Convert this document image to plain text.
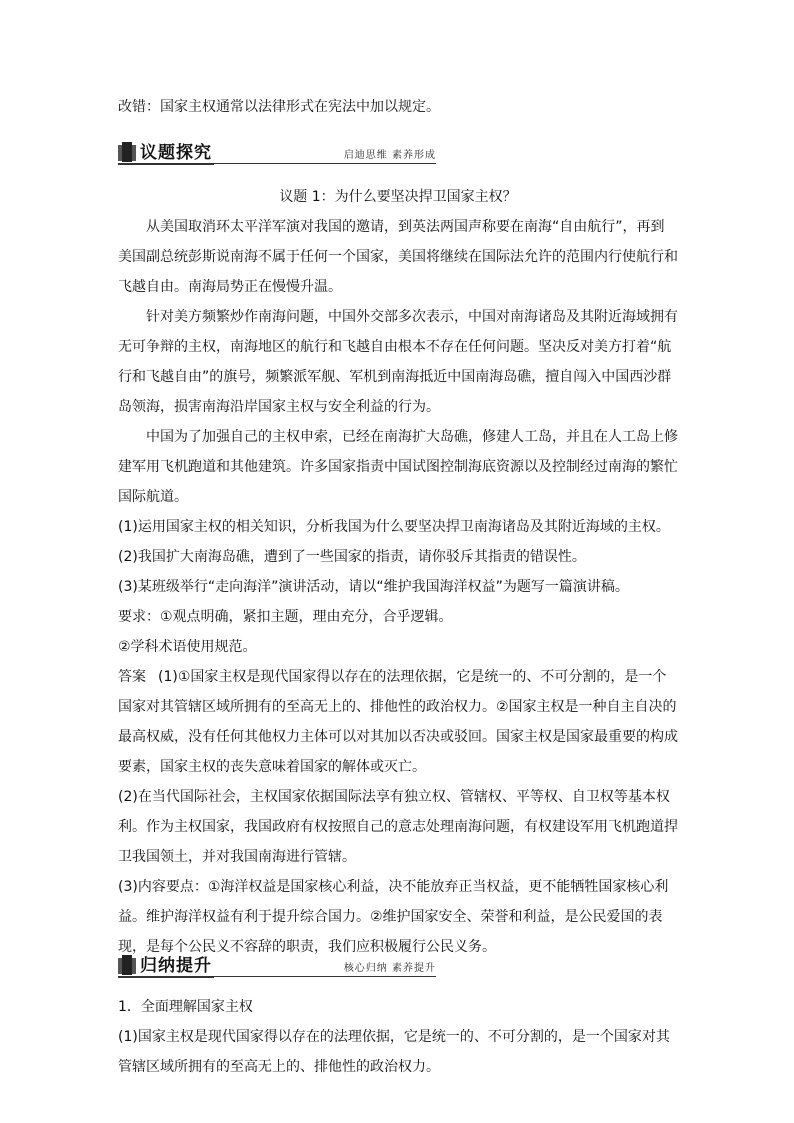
改错：国家主权通常以法律形式在宪法中加以规定。

议题探究	启迪思维 素养形成
议题 1：为什么要坚决捍卫国家主权？

从美国取消环太平洋军演对我国的邀请，到英法两国声称要在南海“自由航行”，再到美国副总统彭斯说南海不属于任何一个国家，美国将继续在国际法允许的范围内行使航行和飞越自由。南海局势正在慢慢升温。

针对美方频繁炒作南海问题，中国外交部多次表示，中国对南海诸岛及其附近海域拥有无可争辩的主权，南海地区的航行和飞越自由根本不存在任何问题。坚决反对美方打着“航行和飞越自由”的旗号，频繁派军舰、军机到南海抵近中国南海岛礁，擅自闯入中国西沙群岛领海，损害南海沿岸国家主权与安全利益的行为。

中国为了加强自己的主权申索，已经在南海扩大岛礁，修建人工岛，并且在人工岛上修建军用飞机跑道和其他建筑。许多国家指责中国试图控制海底资源以及控制经过南海的繁忙国际航道。

(1)运用国家主权的相关知识，分析我国为什么要坚决捍卫南海诸岛及其附近海域的主权。

(2)我国扩大南海岛礁，遭到了一些国家的指责，请你驳斥其指责的错误性。

(3)某班级举行“走向海洋”演讲活动，请以“维护我国海洋权益”为题写一篇演讲稿。

要求：①观点明确，紧扣主题，理由充分，合乎逻辑。

②学科术语使用规范。

答案 (1)①国家主权是现代国家得以存在的法理依据，它是统一的、不可分割的，是一个国家对其管辖区域所拥有的至高无上的、排他性的政治权力。②国家主权是一种自主自决的最高权威，没有任何其他权力主体可以对其加以否决或驳回。国家主权是国家最重要的构成要素，国家主权的丧失意味着国家的解体或灭亡。

(2)在当代国际社会，主权国家依据国际法享有独立权、管辖权、平等权、自卫权等基本权利。作为主权国家，我国政府有权按照自己的意志处理南海问题，有权建设军用飞机跑道捍卫我国领土，并对我国南海进行管辖。

(3)内容要点：①海洋权益是国家核心利益，决不能放弃正当权益，更不能牺牲国家核心利益。维护海洋权益有利于提升综合国力。②维护国家安全、荣誉和利益，是公民爱国的表现，是每个公民义不容辞的职责，我们应积极履行公民义务。

归纳提升	核心归纳 素养提升

1．全面理解国家主权

(1)国家主权是现代国家得以存在的法理依据，它是统一的、不可分割的，是一个国家对其管辖区域所拥有的至高无上的、排他性的政治权力。
